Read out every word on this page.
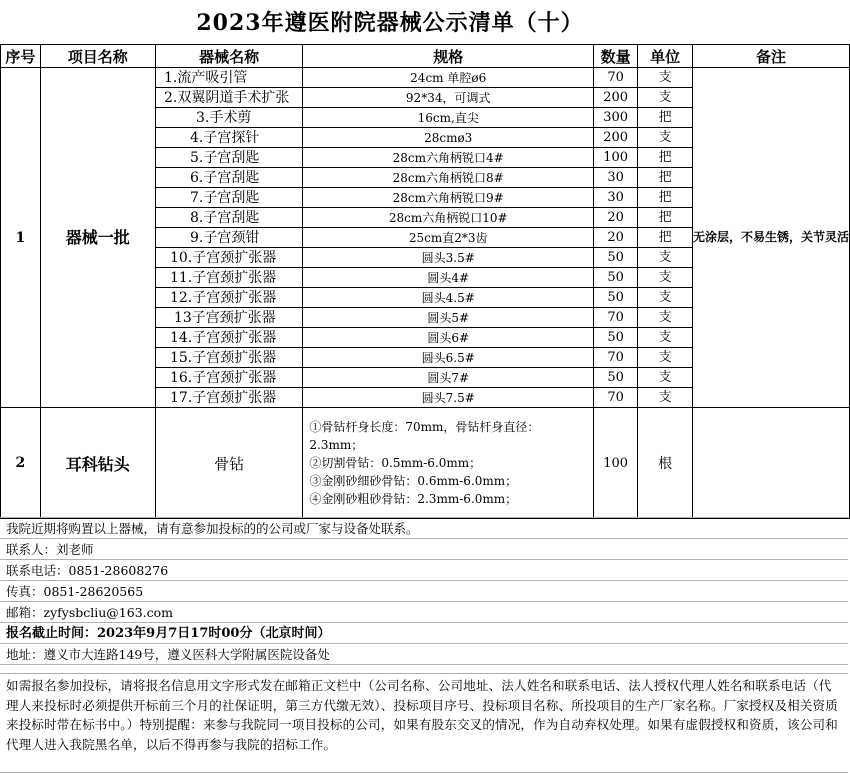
2023年遵医附院器械公示清单（十）
序号	项目名称	器械名称	规格	数量	单位	备注
1	器械一批	1.流产吸引管	24cm 单腔ø6	70	支	无涂层，不易生锈，关节灵活
		2.双翼阴道手术扩张	92*34，可调式	200	支	
		3.手术剪	16cm,直尖	300	把	
		4.子宫探针	28cmø3	200	支	
		5.子宫刮匙	28cm六角柄锐口4#	100	把	
		6.子宫刮匙	28cm六角柄锐口8#	30	把	
		7.子宫刮匙	28cm六角柄锐口9#	30	把	
		8.子宫刮匙	28cm六角柄锐口10#	20	把	
		9.子宫颈钳	25cm直2*3齿	20	把	
		10.子宫颈扩张器	圆头3.5#	50	支	
		11.子宫颈扩张器	圆头4#	50	支	
		12.子宫颈扩张器	圆头4.5#	50	支	
		13子宫颈扩张器	圆头5#	70	支	
		14.子宫颈扩张器	圆头6#	50	支	
		15.子宫颈扩张器	圆头6.5#	70	支	
		16.子宫颈扩张器	圆头7#	50	支	
		17.子宫颈扩张器	圆头7.5#	70	支	
2	耳科钻头	骨钻	①骨钻杆身长度：70mm，骨钻杆身直径：2.3mm；
②切割骨钻：0.5mm-6.0mm；
③金刚砂细砂骨钻：0.6mm-6.0mm；
④金刚砂粗砂骨钻：2.3mm-6.0mm；	100	根	
我院近期将购置以上器械，请有意参加投标的的公司或厂家与设备处联系。
联系人：刘老师
联系电话：0851-28608276
传真：0851-28620565
邮箱：zyfysbcliu@163.com
报名截止时间：2023年9月7日17时00分（北京时间）
地址：遵义市大连路149号，遵义医科大学附属医院设备处

如需报名参加投标，请将报名信息用文字形式发在邮箱正文栏中（公司名称、公司地址、法人姓名和联系电话、法人授权代理人姓名和联系电话（代理人来投标时必须提供开标前三个月的社保证明，第三方代缴无效）、投标项目序号、投标项目名称、所投项目的生产厂家名称。厂家授权及相关资质来投标时带在标书中。）特别提醒：来参与我院同一项目投标的公司，如果有股东交叉的情况，作为自动弃权处理。如果有虚假授权和资质，该公司和代理人进入我院黑名单，以后不得再参与我院的招标工作。
